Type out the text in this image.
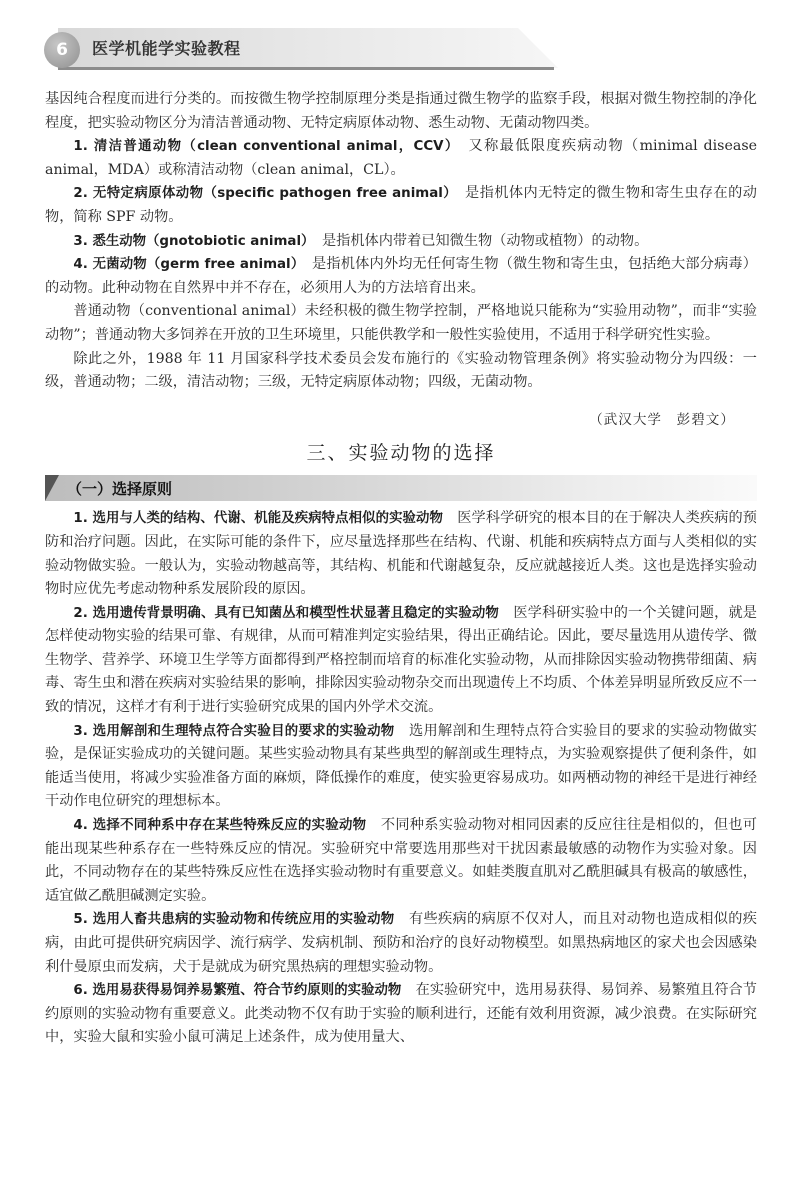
6	医学机能学实验教程

基因纯合程度而进行分类的。而按微生物学控制原理分类是指通过微生物学的监察手段，根据对微生物控制的净化程度，把实验动物区分为清洁普通动物、无特定病原体动物、悉生动物、无菌动物四类。

1. 清洁普通动物（clean conventional animal，CCV）　 又称最低限度疾病动物（minimal disease animal，MDA）或称清洁动物（clean animal，CL）。

2. 无特定病原体动物（specific pathogen free animal）　 是指机体内无特定的微生物和寄生虫存在的动物，简称 SPF 动物。

3. 悉生动物（gnotobiotic animal）　 是指机体内带着已知微生物（动物或植物）的动物。

4. 无菌动物（germ free animal）　 是指机体内外均无任何寄生物（微生物和寄生虫，包括绝大部分病毒）的动物。此种动物在自然界中并不存在，必须用人为的方法培育出来。

普通动物（conventional animal）未经积极的微生物学控制，严格地说只能称为“实验用动物”，而非“实验动物”；普通动物大多饲养在开放的卫生环境里，只能供教学和一般性实验使用，不适用于科学研究性实验。

除此之外，1988 年 11 月国家科学技术委员会发布施行的《实验动物管理条例》将实验动物分为四级：一级，普通动物；二级，清洁动物；三级，无特定病原体动物；四级，无菌动物。

（武汉大学　彭碧文）

三、实验动物的选择
（一）选择原则

1. 选用与人类的结构、代谢、机能及疾病特点相似的实验动物　 医学科学研究的根本目的在于解决人类疾病的预防和治疗问题。因此，在实际可能的条件下，应尽量选择那些在结构、代谢、机能和疾病特点方面与人类相似的实验动物做实验。一般认为，实验动物越高等，其结构、机能和代谢越复杂，反应就越接近人类。这也是选择实验动物时应优先考虑动物种系发展阶段的原因。

2. 选用遗传背景明确、具有已知菌丛和模型性状显著且稳定的实验动物　 医学科研实验中的一个关键问题，就是怎样使动物实验的结果可靠、有规律，从而可精准判定实验结果，得出正确结论。因此，要尽量选用从遗传学、微生物学、营养学、环境卫生学等方面都得到严格控制而培育的标准化实验动物，从而排除因实验动物携带细菌、病毒、寄生虫和潜在疾病对实验结果的影响，排除因实验动物杂交而出现遗传上不均质、个体差异明显所致反应不一致的情况，这样才有利于进行实验研究成果的国内外学术交流。

3. 选用解剖和生理特点符合实验目的要求的实验动物　 选用解剖和生理特点符合实验目的要求的实验动物做实验，是保证实验成功的关键问题。某些实验动物具有某些典型的解剖或生理特点，为实验观察提供了便利条件，如能适当使用，将减少实验准备方面的麻烦，降低操作的难度，使实验更容易成功。如两栖动物的神经干是进行神经干动作电位研究的理想标本。

4. 选择不同种系中存在某些特殊反应的实验动物　 不同种系实验动物对相同因素的反应往往是相似的，但也可能出现某些种系存在一些特殊反应的情况。实验研究中常要选用那些对干扰因素最敏感的动物作为实验对象。因此，不同动物存在的某些特殊反应性在选择实验动物时有重要意义。如蛙类腹直肌对乙酰胆碱具有极高的敏感性，适宜做乙酰胆碱测定实验。

5. 选用人畜共患病的实验动物和传统应用的实验动物　 有些疾病的病原不仅对人，而且对动物也造成相似的疾病，由此可提供研究病因学、流行病学、发病机制、预防和治疗的良好动物模型。如黑热病地区的家犬也会因感染利什曼原虫而发病，犬于是就成为研究黑热病的理想实验动物。

6. 选用易获得易饲养易繁殖、符合节约原则的实验动物　 在实验研究中，选用易获得、易饲养、易繁殖且符合节约原则的实验动物有重要意义。此类动物不仅有助于实验的顺利进行，还能有效利用资源，减少浪费。在实际研究中，实验大鼠和实验小鼠可满足上述条件，成为使用量大、
